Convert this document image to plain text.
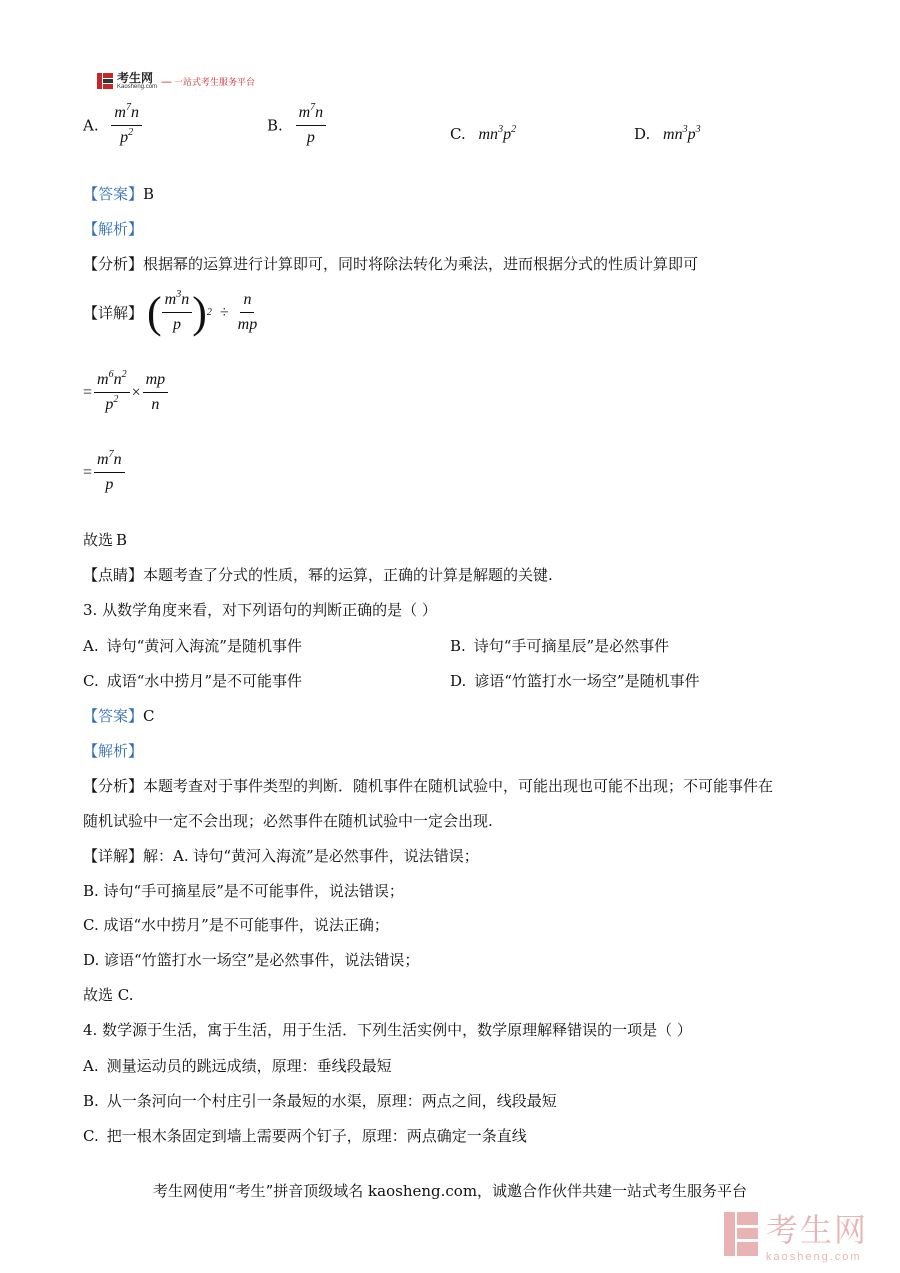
考生网
Kaosheng.com — 一站式考生服务平台
A. $\frac{m^7n}{p^2}$	B. $\frac{m^7n}{p}$	C. $mn^3p^2$	D. $mn^3p^3$
【答案】B
【解析】
【分析】根据幂的运算进行计算即可，同时将除法转化为乘法，进而根据分式的性质计算即可
【详解】 ( $\frac{m^3n}{p}$ ) $2 \div \frac{n}{mp}$
= $\frac{m^6n^2}{p^2} \times \frac{mp}{n}$
= $\frac{m^7n}{p}$
故选 B
【点睛】本题考查了分式的性质，幂的运算，正确的计算是解题的关键.
3. 从数学角度来看，对下列语句的判断正确的是（ ）
A. 诗句“黄河入海流”是随机事件	B. 诗句“手可摘星辰”是必然事件
C. 成语“水中捞月”是不可能事件	D. 谚语“竹篮打水一场空”是随机事件
【答案】C
【解析】
【分析】本题考查对于事件类型的判断．随机事件在随机试验中，可能出现也可能不出现；不可能事件在
随机试验中一定不会出现；必然事件在随机试验中一定会出现.
【详解】解：A. 诗句“黄河入海流”是必然事件，说法错误；
B. 诗句“手可摘星辰”是不可能事件，说法错误；
C. 成语“水中捞月”是不可能事件，说法正确；
D. 谚语“竹篮打水一场空”是必然事件，说法错误；
故选 C.
4. 数学源于生活，寓于生活，用于生活．下列生活实例中，数学原理解释错误的一项是（ ）
A. 测量运动员的跳远成绩，原理：垂线段最短
B. 从一条河向一个村庄引一条最短的水渠，原理：两点之间，线段最短
C. 把一根木条固定到墙上需要两个钉子，原理：两点确定一条直线
考生网使用“考生”拼音顶级域名 kaosheng.com，诚邀合作伙伴共建一站式考生服务平台
考生网
kaosheng.com
